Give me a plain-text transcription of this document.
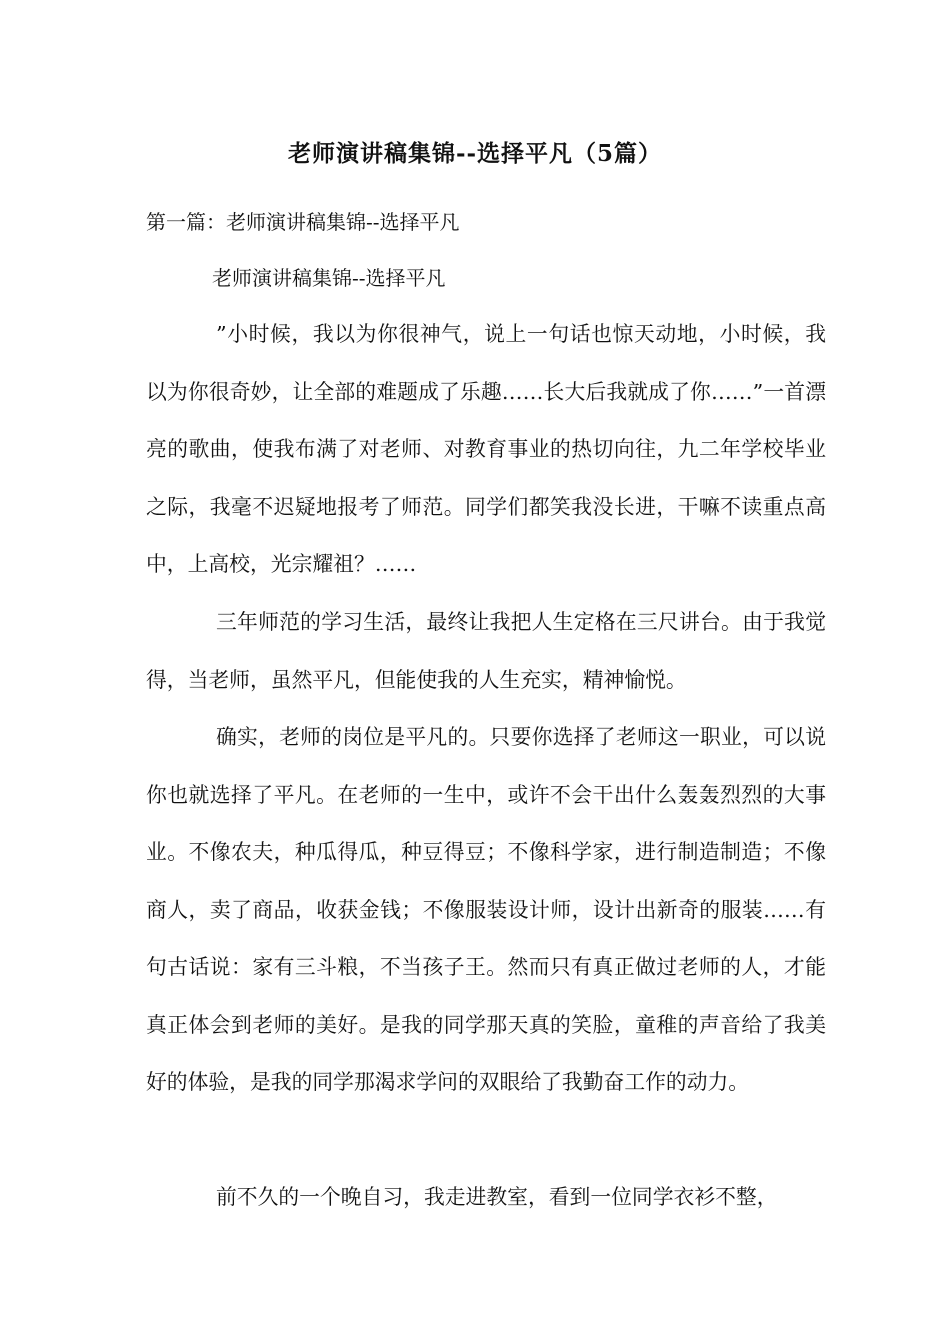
老师演讲稿集锦--选择平凡（5篇）
第一篇：老师演讲稿集锦--选择平凡
老师演讲稿集锦--选择平凡

”小时候，我以为你很神气，说上一句话也惊天动地，小时候，我以为你很奇妙，让全部的难题成了乐趣……长大后我就成了你……”一首漂亮的歌曲，使我布满了对老师、对教育事业的热切向往，九二年学校毕业之际，我毫不迟疑地报考了师范。同学们都笑我没长进，干嘛不读重点高中，上高校，光宗耀祖？……

三年师范的学习生活，最终让我把人生定格在三尺讲台。由于我觉得，当老师，虽然平凡，但能使我的人生充实，精神愉悦。

确实，老师的岗位是平凡的。只要你选择了老师这一职业，可以说你也就选择了平凡。在老师的一生中，或许不会干出什么轰轰烈烈的大事业。不像农夫，种瓜得瓜，种豆得豆；不像科学家，进行制造制造；不像商人，卖了商品，收获金钱；不像服装设计师，设计出新奇的服装……有句古话说：家有三斗粮，不当孩子王。然而只有真正做过老师的人，才能真正体会到老师的美好。是我的同学那天真的笑脸，童稚的声音给了我美好的体验，是我的同学那渴求学问的双眼给了我勤奋工作的动力。

前不久的一个晚自习，我走进教室，看到一位同学衣衫不整，
